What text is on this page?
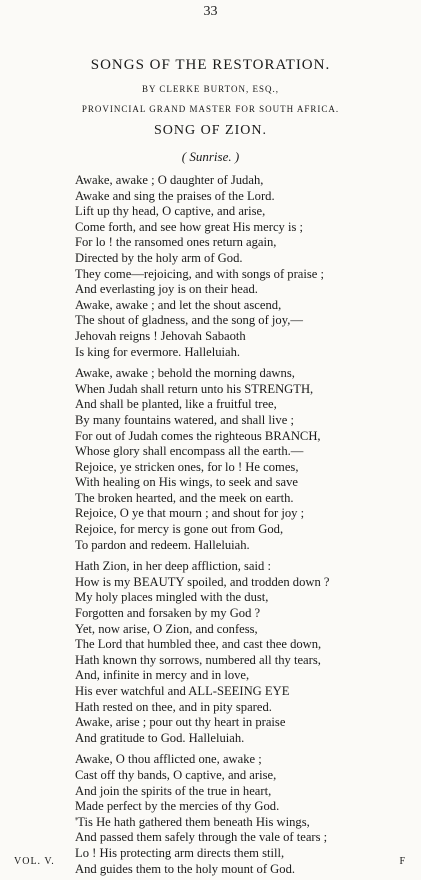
33
SONGS OF THE RESTORATION.
BY CLERKE BURTON, ESQ.,
PROVINCIAL GRAND MASTER FOR SOUTH AFRICA.
SONG OF ZION.
( Sunrise. )
Awake, awake ; O daughter of Judah,
Awake and sing the praises of the Lord.
Lift up thy head, O captive, and arise,
Come forth, and see how great His mercy is ;
For lo ! the ransomed ones return again,
Directed by the holy arm of God.
They come—rejoicing, and with songs of praise ;
And everlasting joy is on their head.
Awake, awake ; and let the shout ascend,
The shout of gladness, and the song of joy,—
Jehovah reigns ! Jehovah Sabaoth
Is king for evermore. Halleluiah.
Awake, awake ; behold the morning dawns,
When Judah shall return unto his STRENGTH,
And shall be planted, like a fruitful tree,
By many fountains watered, and shall live ;
For out of Judah comes the righteous BRANCH,
Whose glory shall encompass all the earth.—
Rejoice, ye stricken ones, for lo ! He comes,
With healing on His wings, to seek and save
The broken hearted, and the meek on earth.
Rejoice, O ye that mourn ; and shout for joy ;
Rejoice, for mercy is gone out from God,
To pardon and redeem. Halleluiah.
Hath Zion, in her deep affliction, said :
How is my BEAUTY spoiled, and trodden down ?
My holy places mingled with the dust,
Forgotten and forsaken by my God ?
Yet, now arise, O Zion, and confess,
The Lord that humbled thee, and cast thee down,
Hath known thy sorrows, numbered all thy tears,
And, infinite in mercy and in love,
His ever watchful and ALL-SEEING EYE
Hath rested on thee, and in pity spared.
Awake, arise ; pour out thy heart in praise
And gratitude to God. Halleluiah.
Awake, O thou afflicted one, awake ;
Cast off thy bands, O captive, and arise,
And join the spirits of the true in heart,
Made perfect by the mercies of thy God.
'Tis He hath gathered them beneath His wings,
And passed them safely through the vale of tears ;
Lo ! His protecting arm directs them still,
And guides them to the holy mount of God.
VOL. V.	F
